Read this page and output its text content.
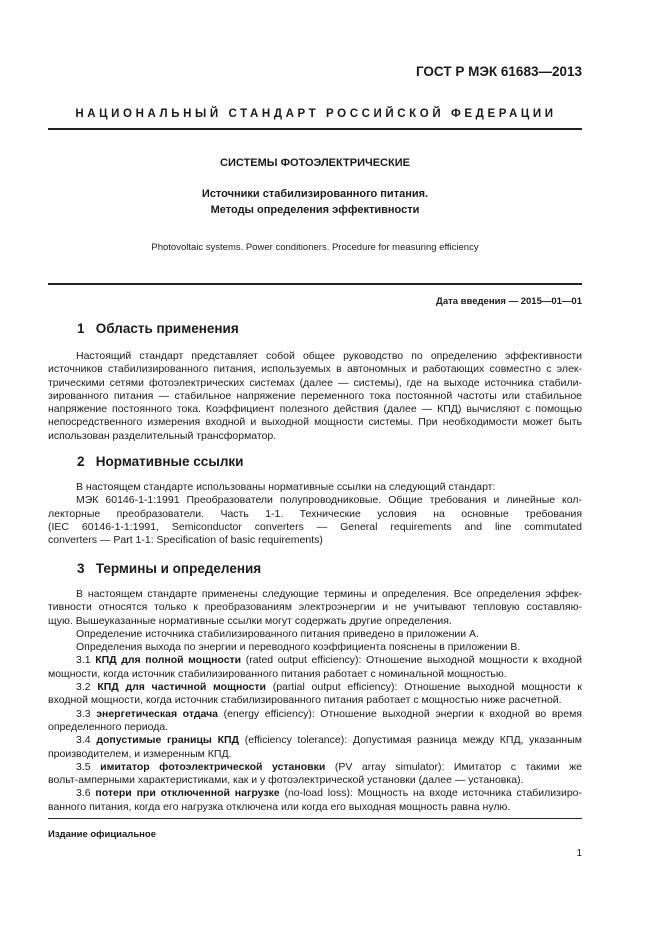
ГОСТ Р МЭК 61683—2013
НАЦИОНАЛЬНЫЙ СТАНДАРТ РОССИЙСКОЙ ФЕДЕРАЦИИ
СИСТЕМЫ ФОТОЭЛЕКТРИЧЕСКИЕ
Источники стабилизированного питания.
Методы определения эффективности
Photovoltaic systems. Power conditioners. Procedure for measuring efficiency
Дата введения — 2015—01—01
1 Область применения

Настоящий стандарт представляет собой общее руководство по определению эффективности

источников стабилизированного питания, используемых в автономных и работающих совместно с элек-

трическими сетями фотоэлектрических системах (далее — системы), где на выходе источника стабили-

зированного питания — стабильное напряжение переменного тока постоянной частоты или стабильное

напряжение постоянного тока. Коэффициент полезного действия (далее — КПД) вычисляют с помощью

непосредственного измерения входной и выходной мощности системы. При необходимости может быть

использован разделительный трансформатор.

2 Нормативные ссылки

В настоящем стандарте использованы нормативные ссылки на следующий стандарт:

МЭК 60146-1-1:1991 Преобразователи полупроводниковые. Общие требования и линейные кол-

лекторные преобразователи. Часть 1-1. Технические условия на основные требования

(IEC 60146-1-1:1991, Semiconductor converters — General requirements and line commutated

converters — Part 1-1: Specification of basic requirements)

3 Термины и определения

В настоящем стандарте применены следующие термины и определения. Все определения эффек-

тивности относятся только к преобразованиям электроэнергии и не учитывают тепловую составляю-

щую. Вышеуказанные нормативные ссылки могут содержать другие определения.

Определение источника стабилизированного питания приведено в приложении А.

Определения выхода по энергии и переводного коэффициента пояснены в приложении В.

3.1 КПД для полной мощности (rated output efficiency): Отношение выходной мощности к входной

мощности, когда источник стабилизированного питания работает с номинальной мощностью.

3.2 КПД для частичной мощности (partial output efficiency): Отношение выходной мощности к

входной мощности, когда источник стабилизированного питания работает с мощностью ниже расчетной.

3.3 энергетическая отдача (energy efficiency): Отношение выходной энергии к входной во время

определенного периода.

3.4 допустимые границы КПД (efficiency tolerance): Допустимая разница между КПД, указанным

производителем, и измеренным КПД.

3.5 имитатор фотоэлектрической установки (PV array simulator): Имитатор с такими же

вольт-амперными характеристиками, как и у фотоэлектрической установки (далее — установка).

3.6 потери при отключенной нагрузке (no-load loss): Мощность на входе источника стабилизиро-

ванного питания, когда его нагрузка отключена или когда его выходная мощность равна нулю.

Издание официальное
1
